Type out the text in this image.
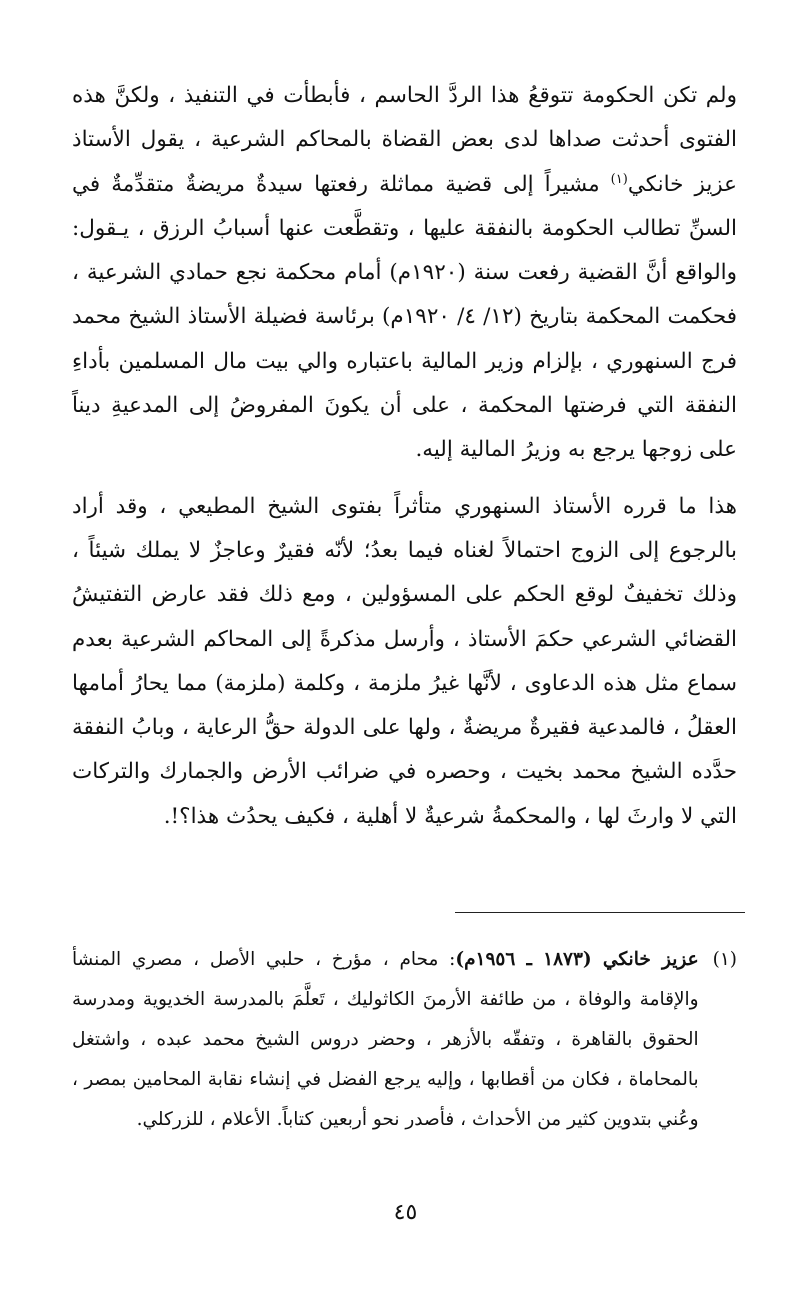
ولم تكن الحكومة تتوقعُ هذا الردَّ الحاسم ، فأبطأت في التنفيذ ، ولكنَّ هذه الفتوى أحدثت صداها لدى بعض القضاة بالمحاكم الشرعية ، يقول الأستاذ عزيز خانكي$^{(١)}$ مشيراً إلى قضية مماثلة رفعتها سيدةٌ مريضةٌ متقدِّمةٌ في السنِّ تطالب الحكومة بالنفقة عليها ، وتقطَّعت عنها أسبابُ الرزق ، يـقول: والواقع أنَّ القضية رفعت سنة (١٩٢٠م) أمام محكمة نجع حمادي الشرعية ، فحكمت المحكمة بتاريخ (١٢/ ٤/ ١٩٢٠م) برئاسة فضيلة الأستاذ الشيخ محمد فرج السنهوري ، بإلزام وزير المالية باعتباره والي بيت مال المسلمين بأداءِ النفقة التي فرضتها المحكمة ، على أن يكونَ المفروضُ إلى المدعيةِ ديناً على زوجها يرجع به وزيرُ المالية إليه.

هذا ما قرره الأستاذ السنهوري متأثراً بفتوى الشيخ المطيعي ، وقد أراد بالرجوع إلى الزوج احتمالاً لغناه فيما بعدُ؛ لأنّه فقيرٌ وعاجزٌ لا يملك شيئاً ، وذلك تخفيفٌ لوقع الحكم على المسؤولين ، ومع ذلك فقد عارض التفتيشُ القضائي الشرعي حكمَ الأستاذ ، وأرسل مذكرةً إلى المحاكم الشرعية بعدم سماع مثل هذه الدعاوى ، لأنَّها غيرُ ملزمة ، وكلمة (ملزمة) مما يحارُ أمامها العقلُ ، فالمدعية فقيرةٌ مريضةٌ ، ولها على الدولة حقُّ الرعاية ، وبابُ النفقة حدَّده الشيخ محمد بخيت ، وحصره في ضرائب الأرض والجمارك والتركات التي لا وارثَ لها ، والمحكمةُ شرعيةٌ لا أهلية ، فكيف يحدُث هذا؟!.

(١)

عزيز خانكي (١٨٧٣ ـ ١٩٥٦م): محام ، مؤرخ ، حلبي الأصل ، مصري المنشأ والإقامة والوفاة ، من طائفة الأرمنَ الكاثوليك ، تَعلَّمَ بالمدرسة الخديوية ومدرسة الحقوق بالقاهرة ، وتفقّه بالأزهر ، وحضر دروس الشيخ محمد عبده ، واشتغل بالمحاماة ، فكان من أقطابها ، وإليه يرجع الفضل في إنشاء نقابة المحامين بمصر ، وعُني بتدوين كثير من الأحداث ، فأصدر نحو أربعين كتاباً. الأعلام ، للزركلي.

٤٥
